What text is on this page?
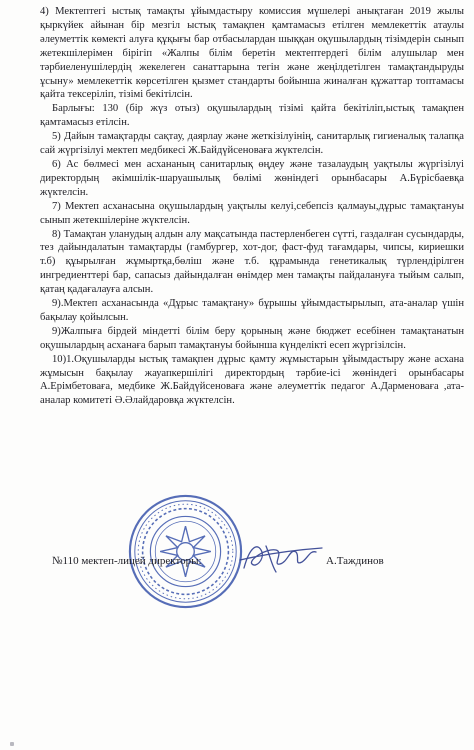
4) Мектептегі ыстық тамақты ұйымдастыру комиссия мүшелері анықтаған 2019 жылы қыркүйек айынан бір мезгіл ыстық тамақпен қамтамасыз етілген мемлекеттік атаулы әлеуметтік көмекті алуға құқығы бар отбасылардан шыққан оқушылардың тізімдерін сынып жетекшілерімен бірігіп «Жалпы білім беретін мектептердегі білім алушылар мен тәрбиеленушілердің жекелеген санаттарына тегін және жеңілдетілген тамақтандыруды ұсыну» мемлекеттік көрсетілген қызмет стандарты бойынша жиналған құжаттар топтамасы қайта тексеріліп, тізімі бекітілсін.

Барлығы: 130 (бір жүз отыз) оқушылардың тізімі қайта бекітіліп,ыстық тамақпен қамтамасыз етілсін.

5) Дайын тамақтарды сақтау, даярлау және жеткізілуінің, санитарлық гигиеналық талапқа сай жүргізілуі мектеп медбикесі Ж.Байдүйсеноваға жүктелсін.

6) Ас бөлмесі мен асхананың санитарлық өңдеу және тазалаудың уақтылы жүргізілуі директордың әкімшілік-шаруашылық бөлімі жөніндегі орынбасары А.Бүрісбаевқа жүктелсін.

7) Мектеп асханасына оқушылардың уақтылы келуі,себепсіз қалмауы,дұрыс тамақтануы сынып жетекшілеріне жүктелсін.

8) Тамақтан уланудың алдын алу мақсатында пастерленбеген сүтті, газдалған сусындарды, тез дайындалатын тамақтарды (гамбургер, хот-дог, фаст-фуд тағамдары, чипсы, кириешки т.б) құырылған жұмыртқа,бөліш және т.б. құрамында генетикалық түрлендірілген ингредиенттері бар, сапасыз дайындалған өнімдер мен тамақты пайдалануға тыйым салып, қатаң қадағалауға алсын.

9).Мектеп асханасында «Дұрыс тамақтану» бұрышы ұйымдастырылып, ата-аналар үшін бақылау қойылсын.

9)Жалпыға бірдей міндетті білім беру қорының және бюджет есебінен тамақтанатын оқушылардың асханаға барып тамақтануы бойынша күнделікті есеп жүргізілсін.

10)1.Оқушыларды ыстық тамақпен дұрыс қамту жұмыстарын ұйымдастыру және асхана жұмысын бақылау жауапкершілігі директордың тәрбие-ісі жөніндегі орынбасары А.Ерімбетоваға, медбике Ж.Байдүйсеноваға және әлеуметтік педагог А.Дарменоваға ,ата-аналар комитеті Ә.Әлайдаровқа жүктелсін.

№110 мектеп-лицей директоры:	А.Таждинов
